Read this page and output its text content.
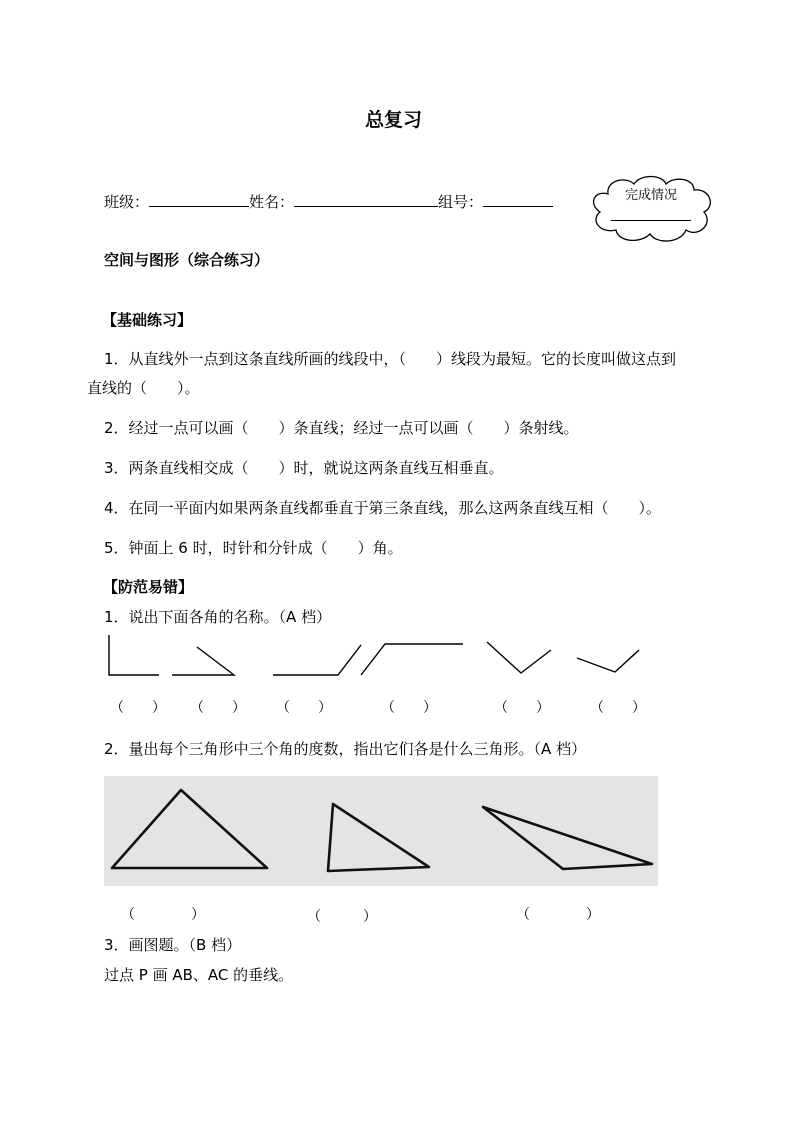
总复习
班级：	姓名：	组号：	完成情况
空间与图形（综合练习）
【基础练习】
1．从直线外一点到这条直线所画的线段中，（　　）线段为最短。它的长度叫做这点到
直线的（　　）。
2．经过一点可以画（　　）条直线；经过一点可以画（　　）条射线。
3．两条直线相交成（　　）时，就说这两条直线互相垂直。
4．在同一平面内如果两条直线都垂直于第三条直线，那么这两条直线互相（　　）。
5．钟面上 6 时，时针和分针成（　　）角。
【防范易错】
1．说出下面各角的名称。（A 档）
（　　） （　　） （　　）	（　　）	（　　）	（　　）
2．量出每个三角形中三个角的度数，指出它们各是什么三角形。（A 档）
（　　　　）	（　　　）	（　　　　）
3．画图题。（B 档）
过点 P 画 AB、AC 的垂线。
